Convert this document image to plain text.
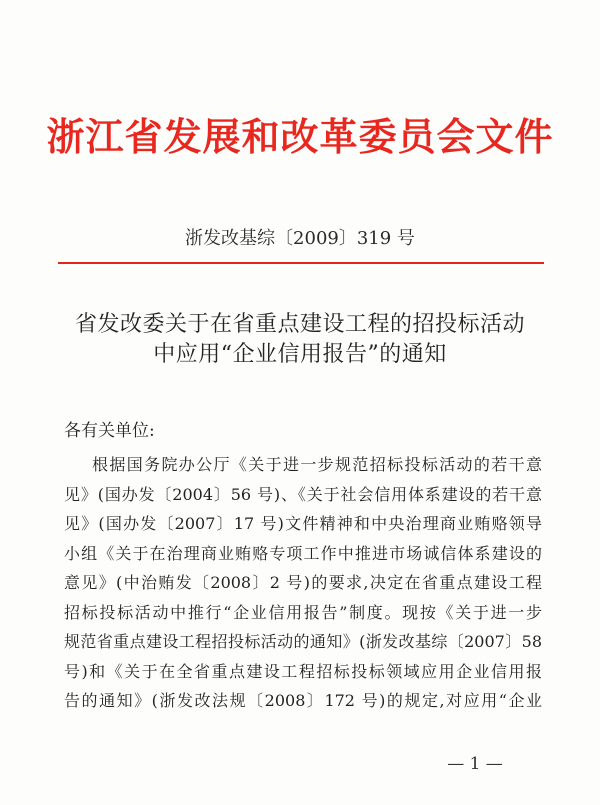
浙江省发展和改革委员会文件
浙发改基综〔2009〕319 号
省发改委关于在省重点建设工程的招投标活动
中应用“企业信用报告”的通知
各有关单位:
根据国务院办公厅《关于进一步规范招标投标活动的若干意
见》(国办发〔2004〕56 号)、《关于社会信用体系建设的若干意
见》(国办发〔2007〕17 号)文件精神和中央治理商业贿赂领导
小组《关于在治理商业贿赂专项工作中推进市场诚信体系建设的
意见》(中治贿发〔2008〕2 号)的要求,决定在省重点建设工程
招标投标活动中推行“企业信用报告”制度。现按《关于进一步
规范省重点建设工程招投标活动的通知》(浙发改基综〔2007〕58
号)和《关于在全省重点建设工程招标投标领域应用企业信用报
告的通知》(浙发改法规〔2008〕172 号)的规定,对应用“企业
— 1 —
